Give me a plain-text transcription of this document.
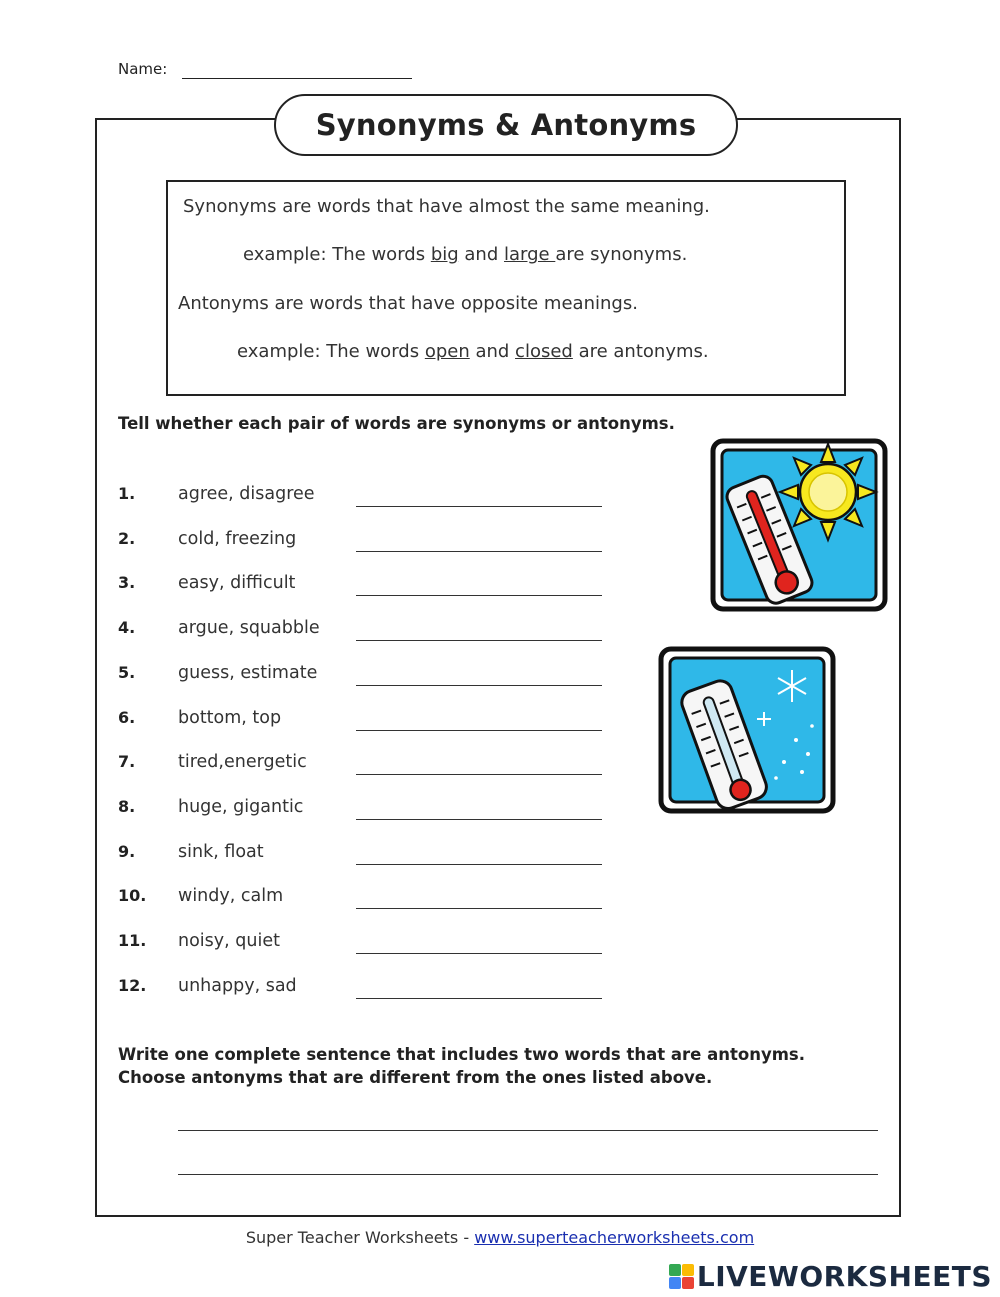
Name:
Synonyms & Antonyms
Synonyms are words that have almost the same meaning.
example: The words big and large are synonyms.
Antonyms are words that have opposite meanings.
example: The words open and closed are antonyms.
Tell whether each pair of words are synonyms or antonyms.
1. agree, disagree
2. cold, freezing
3. easy, difficult
4. argue, squabble
5. guess, estimate
6. bottom, top
7. tired,energetic
8. huge, gigantic
9. sink, float
10. windy, calm
11. noisy, quiet
12. unhappy, sad
Write one complete sentence that includes two words that are antonyms.
Choose antonyms that are different from the ones listed above.
Super Teacher Worksheets - www.superteacherworksheets.com
LIVEWORKSHEETS
